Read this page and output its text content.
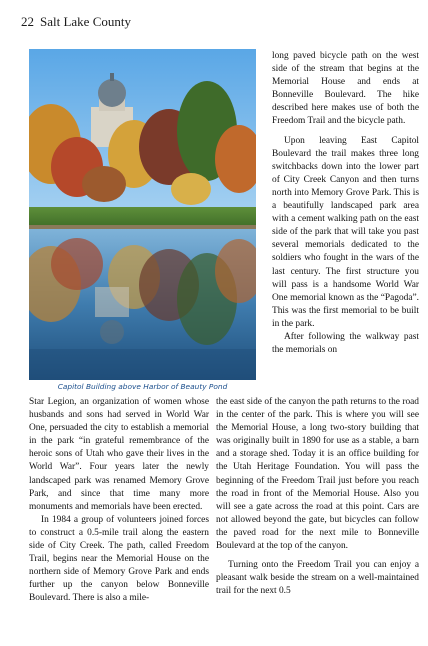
22 Salt Lake County
Capitol Building above Harbor of Beauty Pond

long paved bicycle path on the west side of the stream that begins at the Memorial House and ends at Bonneville Boulevard. The hike described here makes use of both the Freedom Trail and the bicycle path.

Upon leaving East Capitol Boulevard the trail makes three long switchbacks down into the lower part of City Creek Canyon and then turns north into Memory Grove Park. This is a beautifully landscaped park area with a cement walking path on the east side of the park that will take you past several memorials dedicated to the soldiers who fought in the wars of the last century. The first structure you will pass is a handsome World War One memorial known as the “Pagoda”. This was the first memorial to be built in the park.

After following the walkway past the memorials on

Star Legion, an organization of women whose husbands and sons had served in World War One, persuaded the city to establish a memorial in the park “in grateful remembrance of the heroic sons of Utah who gave their lives in the World War”. Four years later the newly landscaped park was renamed Memory Grove Park, and since that time many more monuments and memorials have been erected.

In 1984 a group of volunteers joined forces to construct a 0.5-mile trail along the eastern side of City Creek. The path, called Freedom Trail, begins near the Memorial House on the northern side of Memory Grove Park and ends further up the canyon below Bonneville Boulevard. There is also a mile-

the east side of the canyon the path returns to the road in the center of the park. This is where you will see the Memorial House, a long two-story building that was originally built in 1890 for use as a stable, a barn and a storage shed. Today it is an office building for the Utah Heritage Foundation. You will pass the beginning of the Freedom Trail just before you reach the road in front of the Memorial House. Also you will see a gate across the road at this point. Cars are not allowed beyond the gate, but bicycles can follow the paved road for the next mile to Bonneville Boulevard at the top of the canyon.

Turning onto the Freedom Trail you can enjoy a pleasant walk beside the stream on a well-maintained trail for the next 0.5
